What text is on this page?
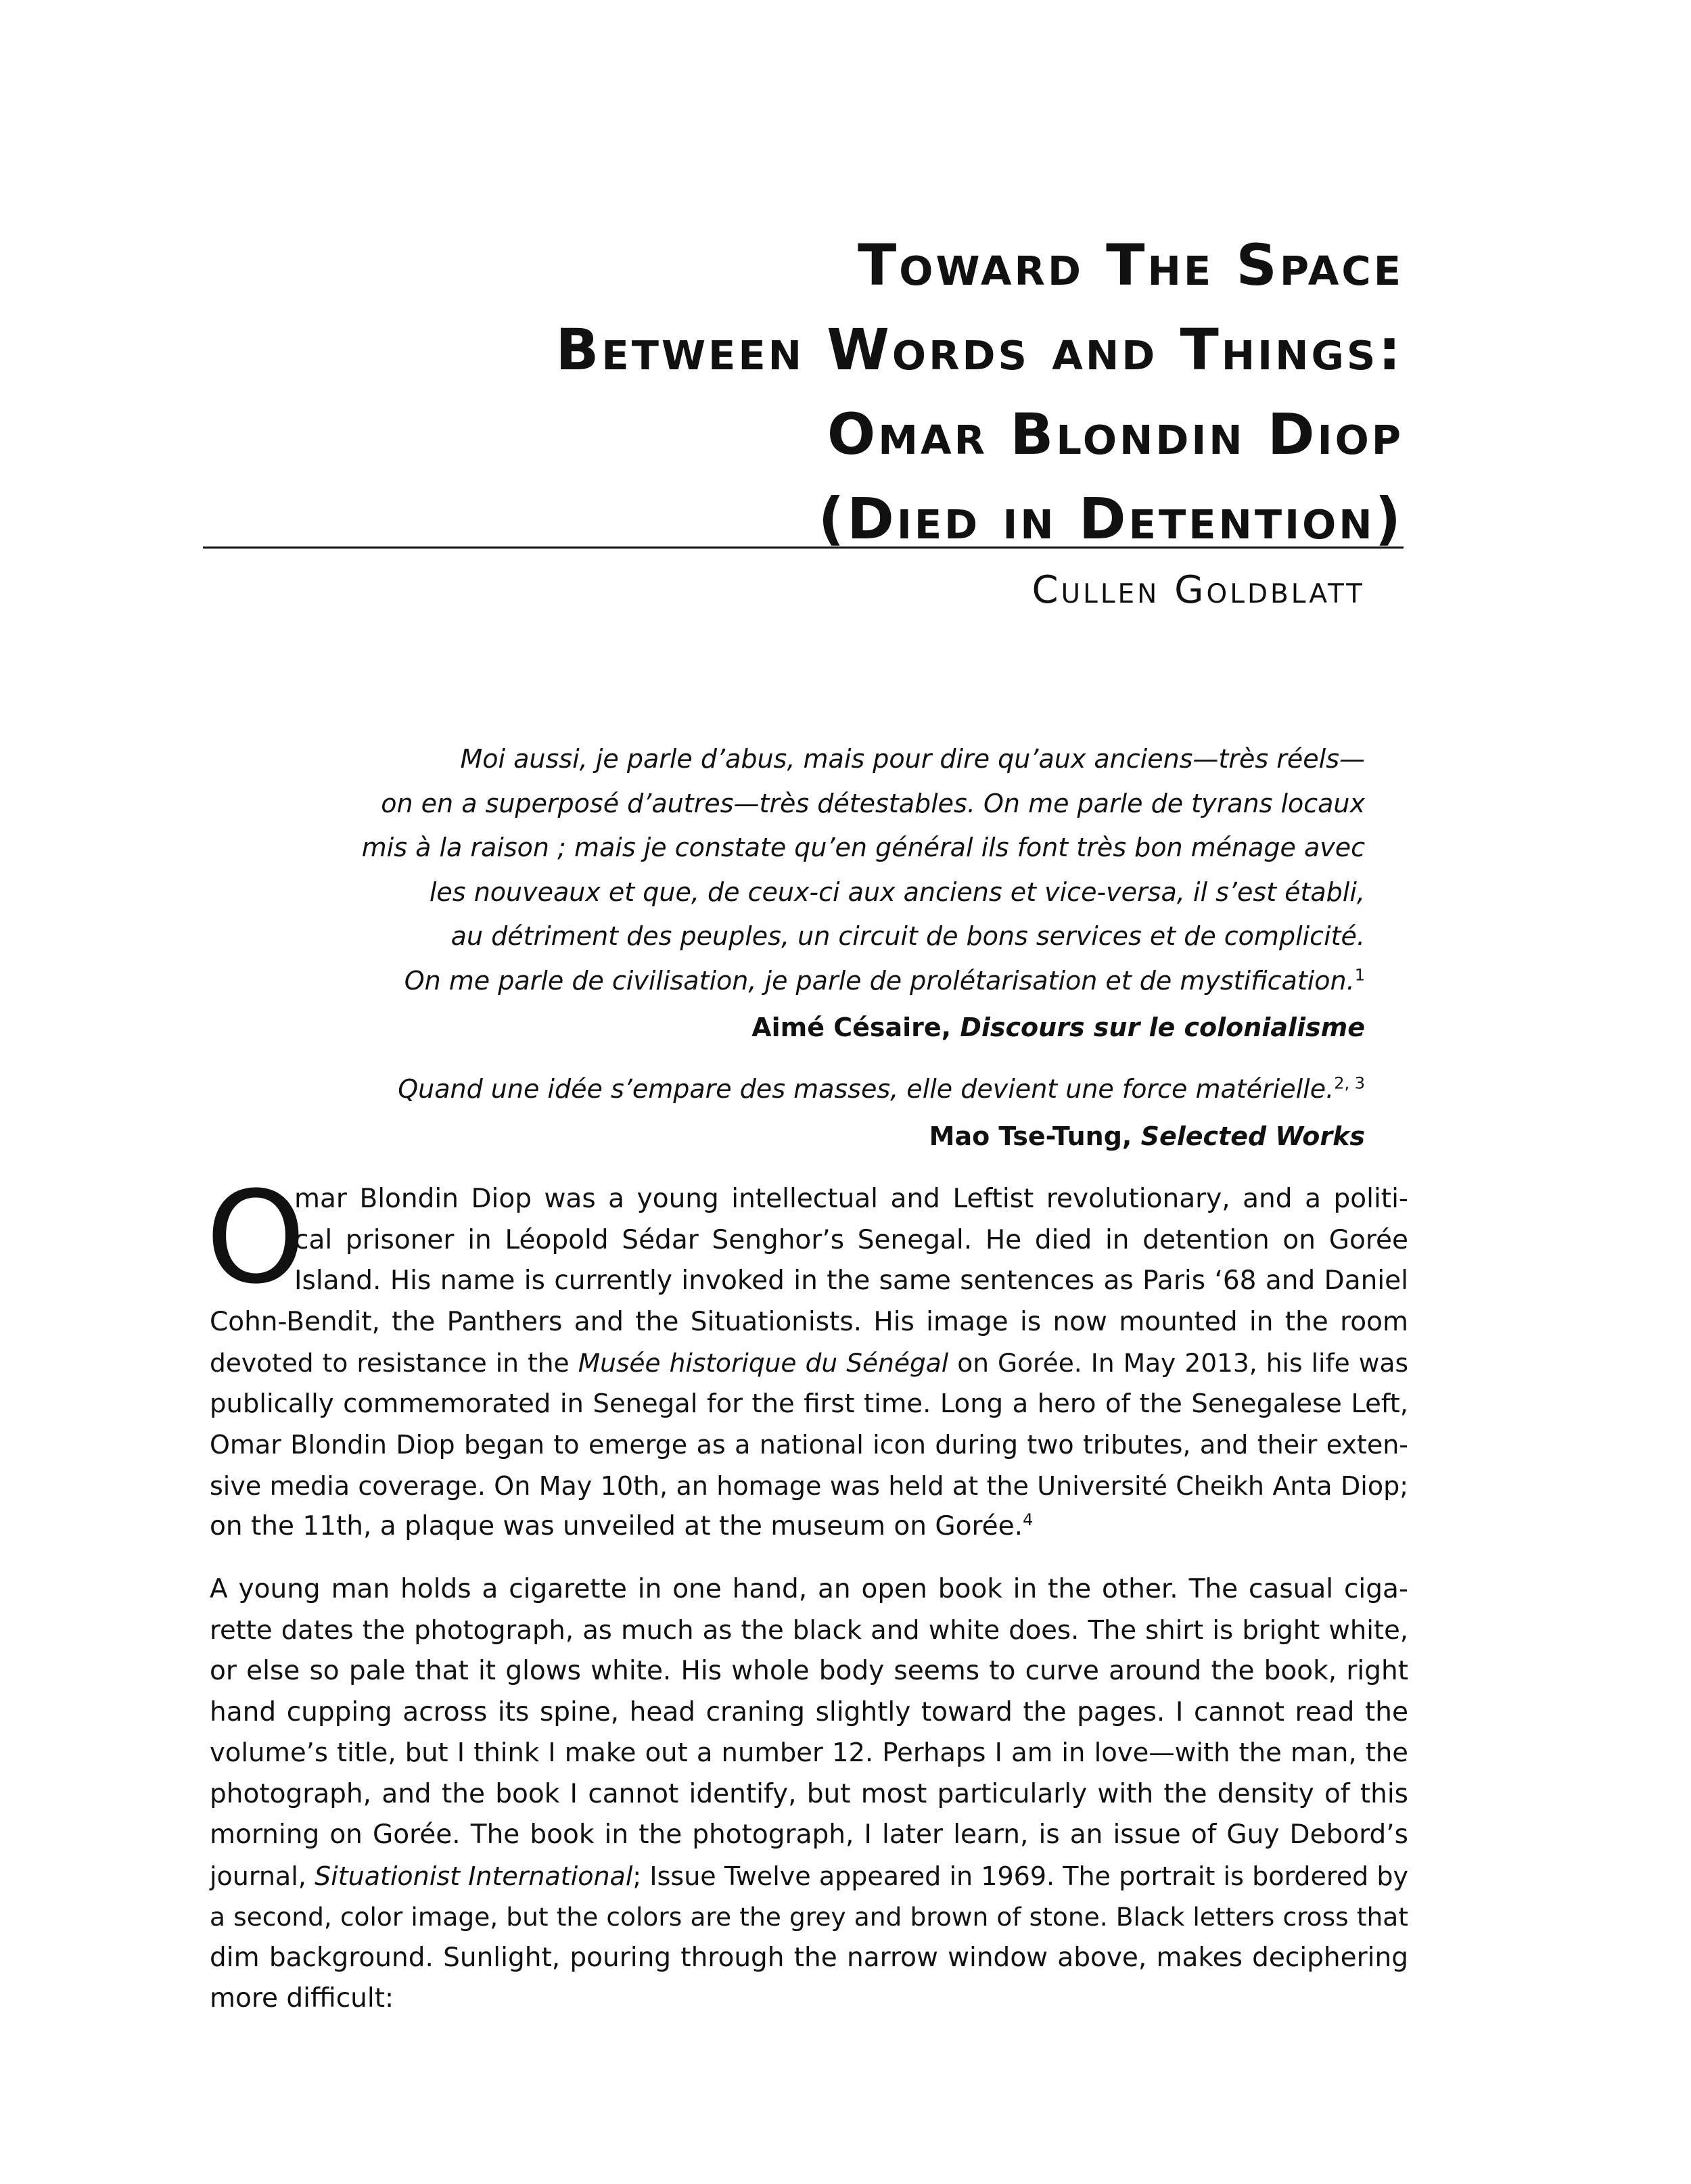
Toward The Space
Between Words and Things:
Omar Blondin Diop
(Died in Detention)
Cullen Goldblatt
Moi aussi, je parle d’abus, mais pour dire qu’aux anciens—très réels—
on en a superposé d’autres—très détestables. On me parle de tyrans locaux
mis à la raison ; mais je constate qu’en général ils font très bon ménage avec
les nouveaux et que, de ceux-ci aux anciens et vice-versa, il s’est établi,
au détriment des peuples, un circuit de bons services et de complicité.
On me parle de civilisation, je parle de prolétarisation et de mystification.$^1$
Aimé Césaire, Discours sur le colonialisme
Quand une idée s’empare des masses, elle devient une force matérielle.$^{2, 3}$
Mao Tse-Tung, Selected Works
O
mar Blondin Diop was a young intellectual and Leftist revolutionary, and a politi-
cal prisoner in Léopold Sédar Senghor’s Senegal. He died in detention on Gorée
Island. His name is currently invoked in the same sentences as Paris ‘68 and Daniel
Cohn-Bendit, the Panthers and the Situationists. His image is now mounted in the room
devoted to resistance in the Musée historique du Sénégal on Gorée. In May 2013, his life was
publically commemorated in Senegal for the first time. Long a hero of the Senegalese Left,
Omar Blondin Diop began to emerge as a national icon during two tributes, and their exten-
sive media coverage. On May 10th, an homage was held at the Université Cheikh Anta Diop;
on the 11th, a plaque was unveiled at the museum on Gorée.$^4$
A young man holds a cigarette in one hand, an open book in the other. The casual ciga-
rette dates the photograph, as much as the black and white does. The shirt is bright white,
or else so pale that it glows white. His whole body seems to curve around the book, right
hand cupping across its spine, head craning slightly toward the pages. I cannot read the
volume’s title, but I think I make out a number 12. Perhaps I am in love—with the man, the
photograph, and the book I cannot identify, but most particularly with the density of this
morning on Gorée. The book in the photograph, I later learn, is an issue of Guy Debord’s
journal, Situationist International; Issue Twelve appeared in 1969. The portrait is bordered by
a second, color image, but the colors are the grey and brown of stone. Black letters cross that
dim background. Sunlight, pouring through the narrow window above, makes deciphering
more difficult:
